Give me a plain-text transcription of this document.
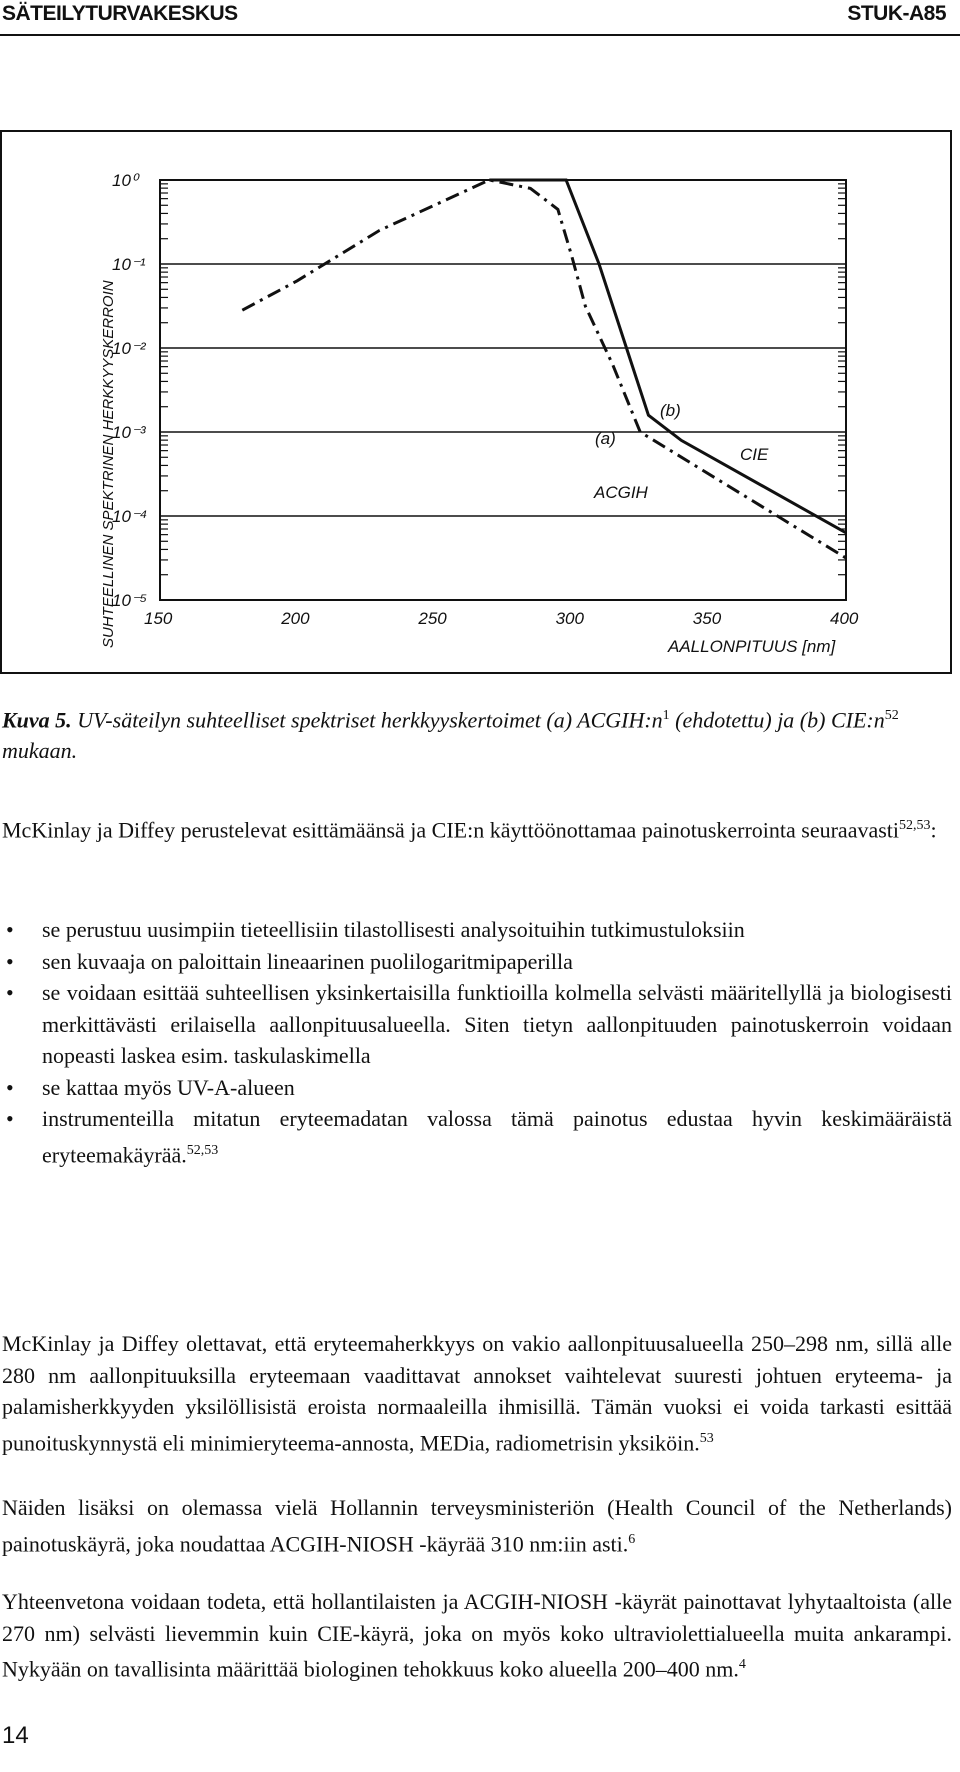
SÄTEILYTURVAKESKUS	STUK-A85
SUHTEELLINEN SPEKTRINEN HERKKYYSKERROIN
10⁰
10⁻¹
10⁻²
10⁻³
10⁻⁴
10⁻⁵
150	200	250	300	350	400
(a)
(b)
CIE
ACGIH
AALLONPITUUS [nm]
Kuva 5. UV-säteilyn suhteelliset spektriset herkkyyskertoimet (a) $ACGIH:n^1$ (ehdotettu) ja (b) $CIE:n^{52}$ mukaan.
McKinlay ja Diffey perustelevat esittämäänsä ja CIE:n käyttöönottamaa painotuskerrointa seuraavasti$^{52,53}$:
• se perustuu uusimpiin tieteellisiin tilastollisesti analysoituihin tutkimustuloksiin
• sen kuvaaja on paloittain lineaarinen puolilogaritmipaperilla
• se voidaan esittää suhteellisen yksinkertaisilla funktioilla kolmella selvästi määritellyllä ja biologisesti merkittävästi erilaisella aallonpituusalueella. Siten tietyn aallonpituuden painotuskerroin voidaan nopeasti laskea esim. taskulaskimella
• se kattaa myös UV-A-alueen
• instrumenteilla mitatun eryteemadatan valossa tämä painotus edustaa hyvin keskimääräistä eryteemakäyrää.$^{52,53}$
McKinlay ja Diffey olettavat, että eryteemaherkkyys on vakio aallonpituusalueella 250–298 nm, sillä alle 280 nm aallonpituuksilla eryteemaan vaadittavat annokset vaihtelevat suuresti johtuen eryteema- ja palamisherkkyyden yksilöllisistä eroista normaaleilla ihmisillä. Tämän vuoksi ei voida tarkasti esittää punoituskynnystä eli minimieryteema-annosta, MEDia, radiometrisin yksiköin.$^{53}$
Näiden lisäksi on olemassa vielä Hollannin terveysministeriön (Health Council of the Netherlands) painotuskäyrä, joka noudattaa ACGIH-NIOSH -käyrää 310 nm:iin asti.$^6$
Yhteenvetona voidaan todeta, että hollantilaisten ja ACGIH-NIOSH -käyrät painottavat lyhytaaltoista (alle 270 nm) selvästi lievemmin kuin CIE-käyrä, joka on myös koko ultraviolettialueella muita ankarampi. Nykyään on tavallisinta määrittää biologinen tehokkuus koko alueella 200–400 nm.$^4$
14
